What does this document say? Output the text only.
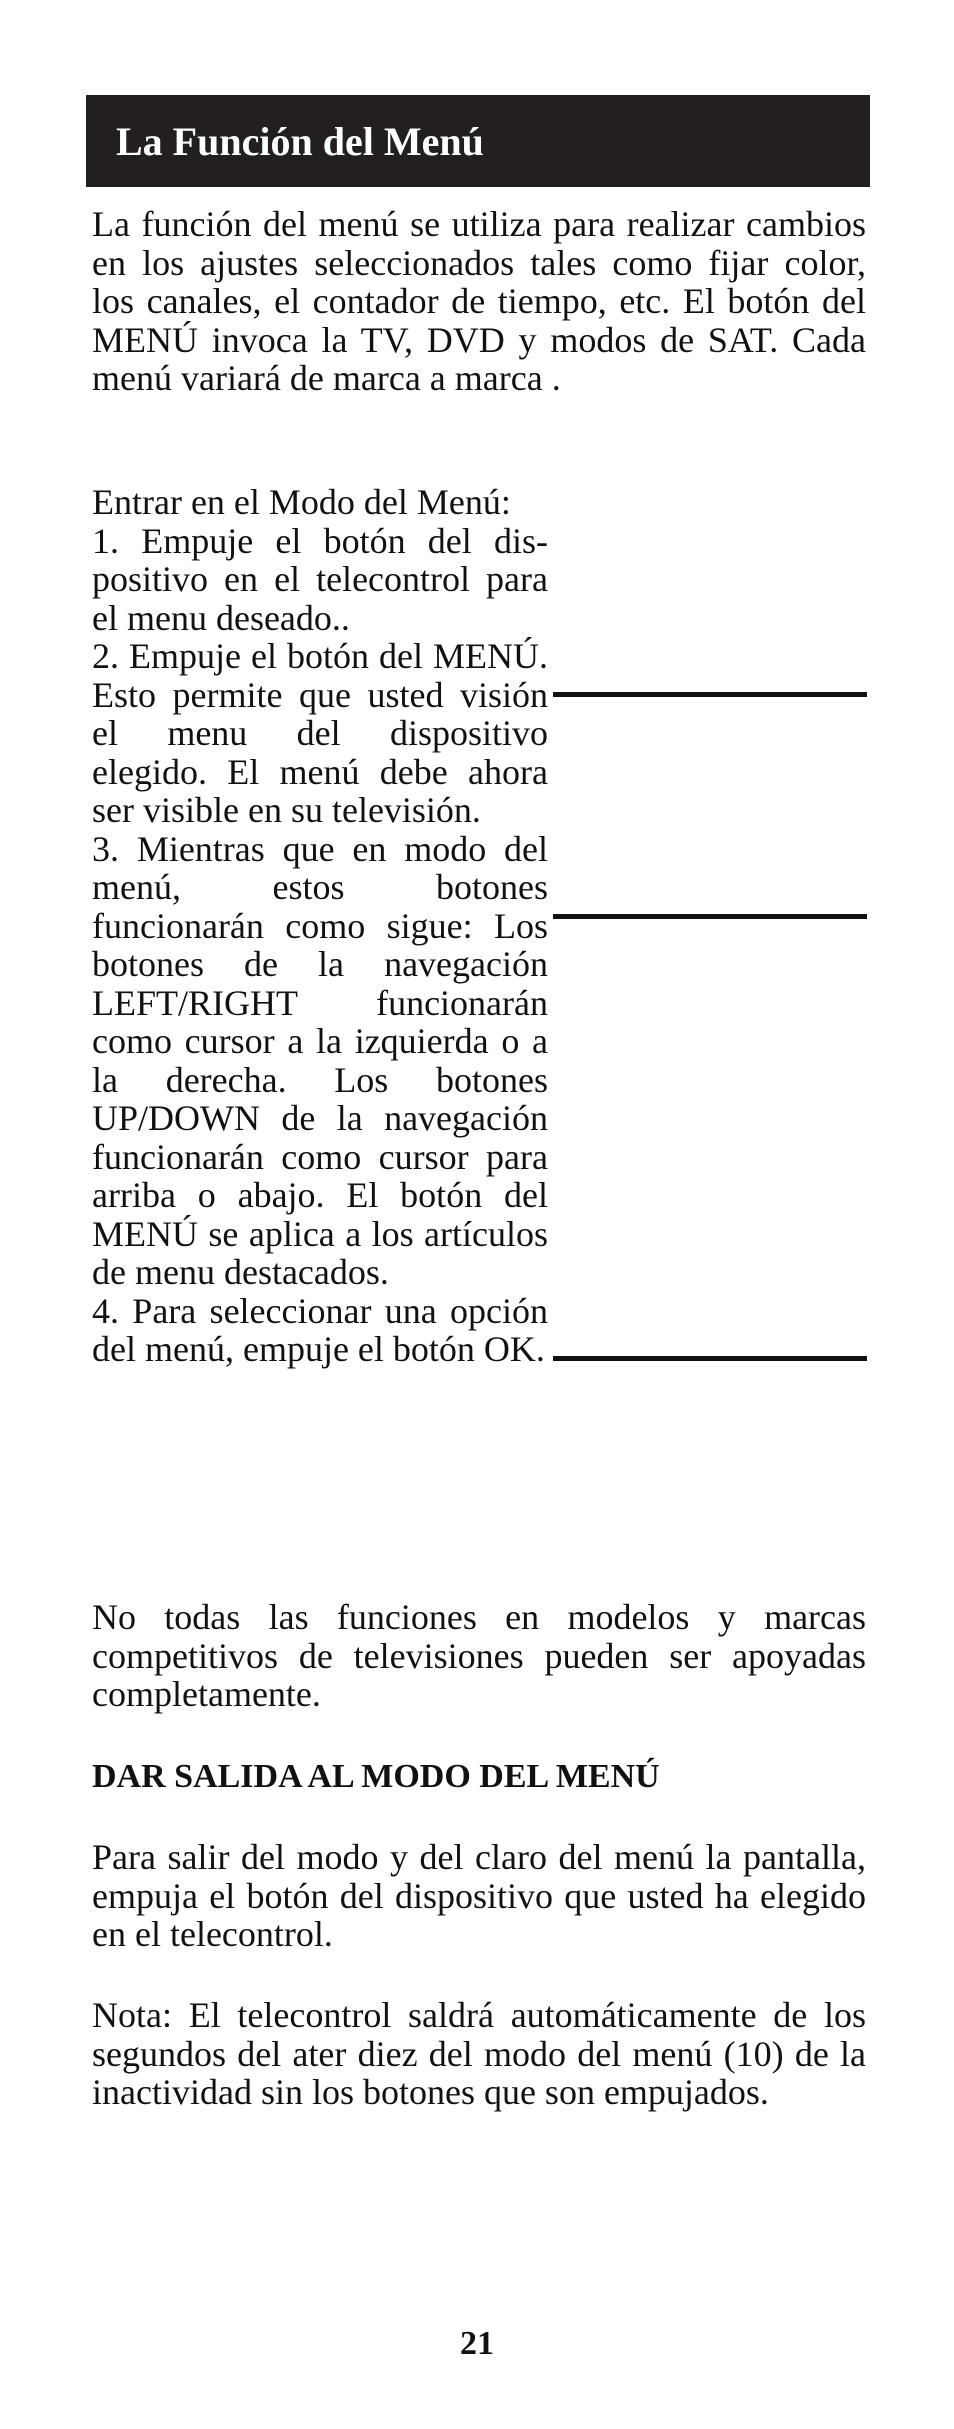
La Función del Menú

La función del menú se utiliza para realizar cambios en los ajustes seleccionados tales como fijar color, los canales, el contador de tiempo, etc. El botón del MENÚ invoca la TV, DVD y modos de SAT. Cada menú variará de marca a marca .

Entrar en el Modo del Menú:
1. Empuje el botón del dispositivo en el telecontrol para el menu deseado..
2. Empuje el botón del MENÚ. Esto permite que usted visión el menu del dispositivo elegido. El menú debe ahora ser visible en su televisión.
3. Mientras que en modo del menú, estos botones funcionarán como sigue: Los botones de la navegación LEFT/RIGHT funcionarán como cursor a la izquierda o a la derecha. Los botones UP/DOWN de la navegación funcionarán como cursor para arriba o abajo. El botón del MENÚ se aplica a los artículos de menu destacados.
4. Para seleccionar una opción del menú, empuje el botón OK.

No todas las funciones en modelos y marcas competitivos de televisiones pueden ser apoyadas completamente.

DAR SALIDA AL MODO DEL MENÚ

Para salir del modo y del claro del menú la pantalla, empuja el botón del dispositivo que usted ha elegido en el telecontrol.

Nota: El telecontrol saldrá automáticamente de los segundos del ater diez del modo del menú (10) de la inactividad sin los botones que son empujados.

21
